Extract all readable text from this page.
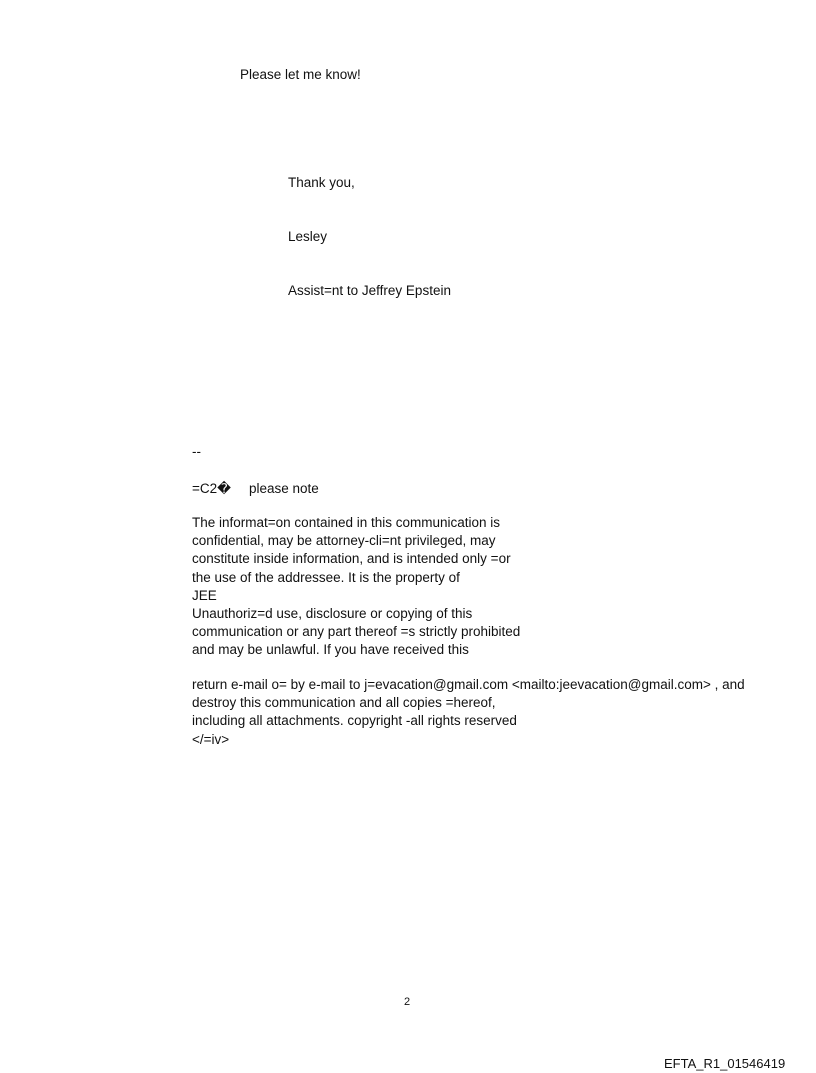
Please let me know!
Thank you,
Lesley
Assist=nt to Jeffrey Epstein
--
=C2� please note
The informat=on contained in this communication is
confidential, may be attorney-cli=nt privileged, may
constitute inside information, and is intended only =or
the use of the addressee. It is the property of
JEE
Unauthoriz=d use, disclosure or copying of this
communication or any part thereof =s strictly prohibited
and may be unlawful. If you have received this
return e-mail o= by e-mail to j=evacation@gmail.com <mailto:jeevacation@gmail.com> , and
destroy this communication and all copies =hereof,
including all attachments. copyright -all rights reserved
</=iv>
2
EFTA_R1_01546419
